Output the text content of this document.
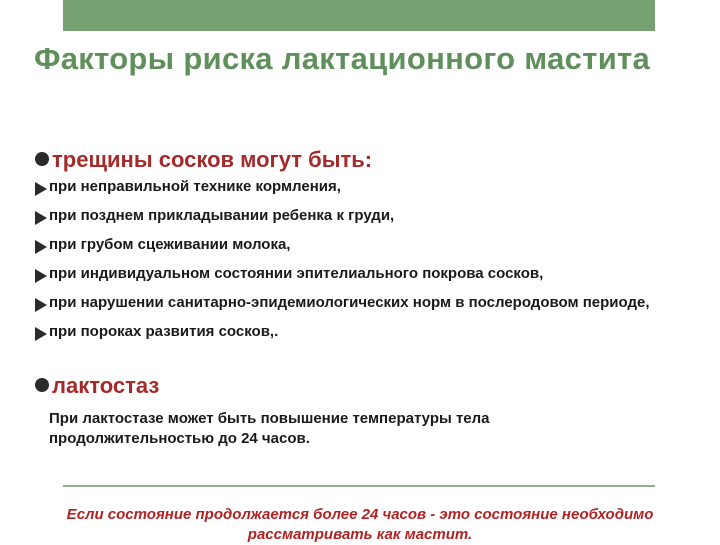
Факторы риска лактационного мастита
трещины сосков могут быть:
при неправильной технике кормления,
при позднем прикладывании ребенка к груди,
при грубом сцеживании молока,
при индивидуальном состоянии эпителиального покрова сосков,
при нарушении санитарно-эпидемиологических норм в послеродовом периоде,
при пороках развития сосков,.
лактостаз
При лактостазе может быть повышение температуры тела продолжительностью до 24 часов.
Если состояние продолжается более 24 часов - это состояние необходимо рассматривать как мастит.
